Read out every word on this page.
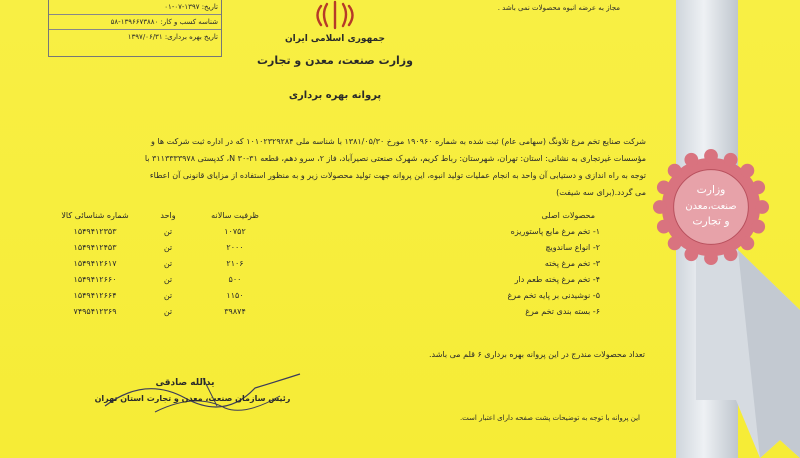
وزارت
صنعت،معدن
و تجارت
تاریخ: ۱۳۹۷-۰۷-۰۱
شناسه کسب و کار: ۱۳۹۶۶۷۳۸۸۰-۵۸
تاریخ بهره برداری: ۱۳۹۷/۰۶/۳۱
مجاز به عرضه انبوه محصولات نمی باشد .
جمهوری اسلامی ایران
وزارت صنعت، معدن و تجارت
پروانه بهره برداری
شرکت صنایع تخم مرغ تلاونگ (سهامی عام) ثبت شده به شماره ۱۹۰۹۶۰ مورخ ۱۳۸۱/۰۵/۳۰ با شناسه ملی ۱۰۱۰۲۳۲۹۲۸۴ که در اداره ثبت شرکت ها و
مؤسسات غیرتجاری به نشانی: استان: تهران، شهرستان: رباط کریم، شهرک صنعتی نصیرآباد، فاز ۲، سرو دهم، قطعه ۳۱-۳۰ N، کدپستی ۳۱۱۳۳۳۳۹۷۸ با
توجه به راه اندازی و دستیابی آن واحد به انجام عملیات تولید انبوه، این پروانه جهت تولید محصولات زیر و به منظور استفاده از مزایای قانونی آن اعطاء
می گردد.(برای سه شیفت)
محصولات اصلی
ظرفیت سالانه
واحد
شماره شناسائی کالا
۱- تخم مرغ مایع پاستوریزه
۱۰۷۵۲
تن
۱۵۴۹۴۱۲۳۵۳
۲- انواع ساندویچ
۲۰۰۰
تن
۱۵۴۹۴۱۲۴۵۳
۳- تخم مرغ پخته
۲۱۰۶
تن
۱۵۴۹۴۱۲۶۱۷
۴- تخم مرغ پخته طعم دار
۵۰۰
تن
۱۵۴۹۴۱۲۶۶۰
۵- نوشیدنی بر پایه تخم مرغ
۱۱۵۰
تن
۱۵۴۹۴۱۲۶۶۴
۶- بسته بندی تخم مرغ
۳۹۸۷۴
تن
۷۴۹۵۴۱۲۳۶۹
تعداد محصولات مندرج در این پروانه بهره برداری ۶ قلم می باشد.
یدالله صادقی
رئیس سازمان صنعت، معدن و تجارت استان تهران
این پروانه با توجه به توضیحات پشت صفحه دارای اعتبار است.
